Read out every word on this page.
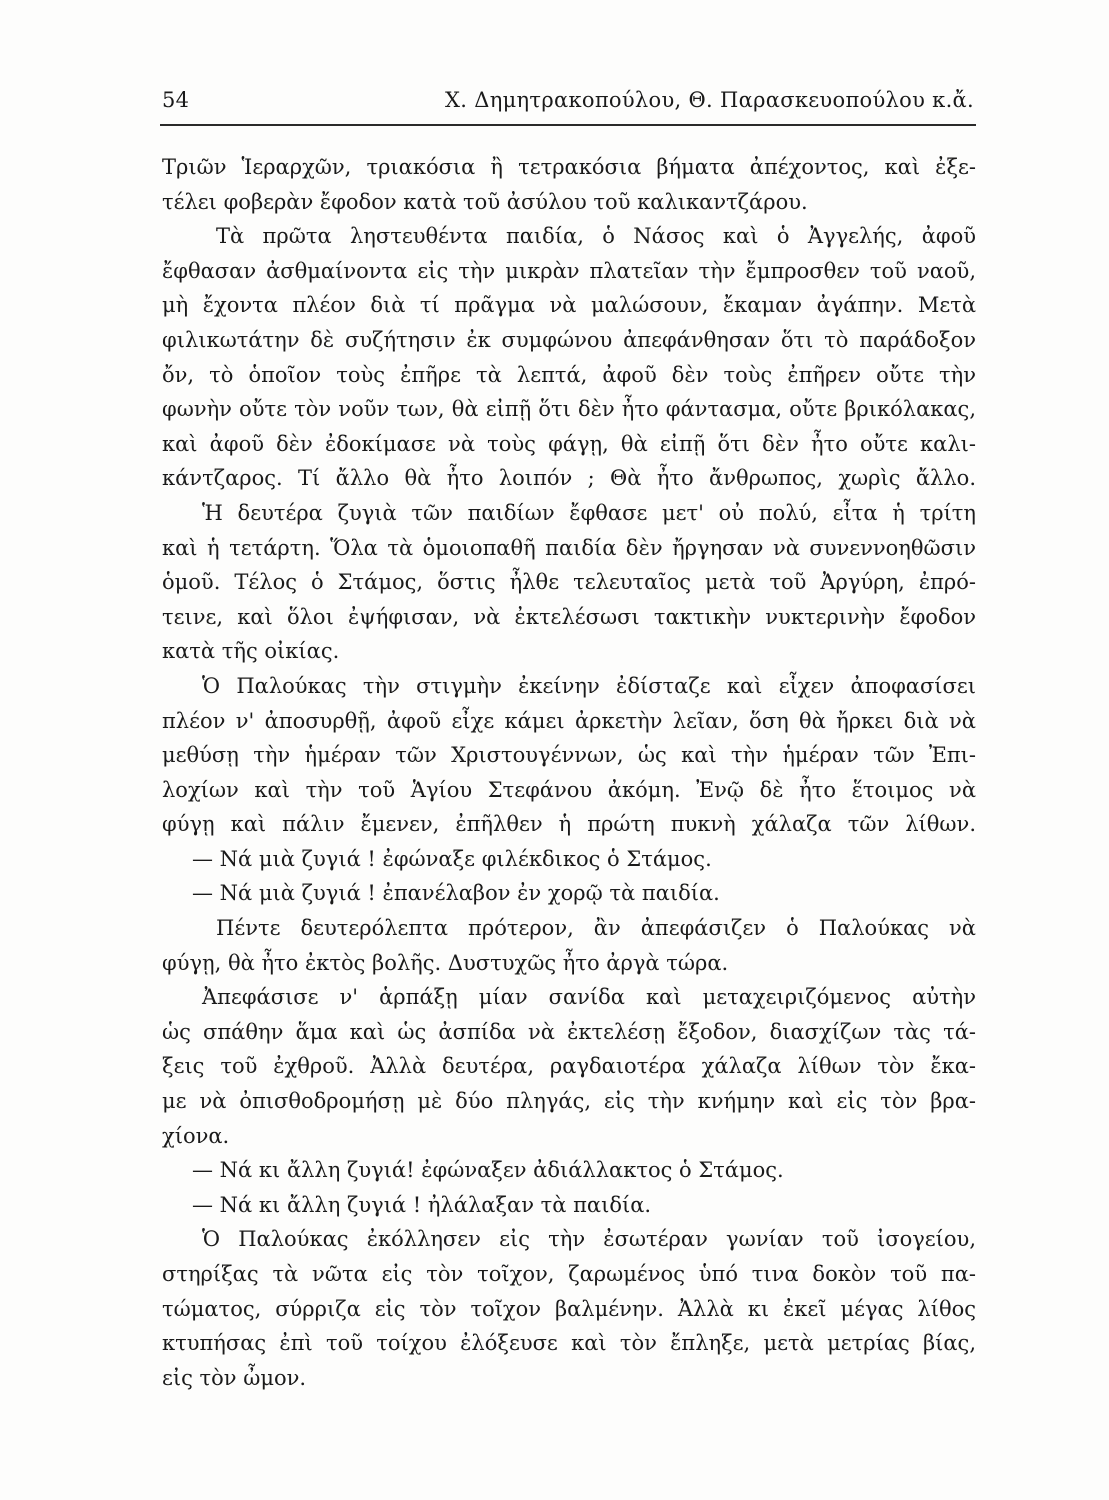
54	Χ. Δημητρακοπούλου, Θ. Παρασκευοπούλου κ.ἄ.
Τριῶν Ἱεραρχῶν, τριακόσια ἢ τετρακόσια βήματα ἀπέχοντος, καὶ ἐξε-
τέλει φοβερὰν ἔφοδον κατὰ τοῦ ἀσύλου τοῦ καλικαντζάρου.
Τὰ πρῶτα ληστευθέντα παιδία, ὁ Νάσος καὶ ὁ Ἀγγελής, ἀφοῦ
ἔφθασαν ἀσθμαίνοντα εἰς τὴν μικρὰν πλατεῖαν τὴν ἔμπροσθεν τοῦ ναοῦ,
μὴ ἔχοντα πλέον διὰ τί πρᾶγμα νὰ μαλώσουν, ἔκαμαν ἀγάπην. Μετὰ
φιλικωτάτην δὲ συζήτησιν ἐκ συμφώνου ἀπεφάνθησαν ὅτι τὸ παράδοξον
ὄν, τὸ ὁποῖον τοὺς ἐπῆρε τὰ λεπτά, ἀφοῦ δὲν τοὺς ἐπῆρεν οὔτε τὴν
φωνὴν οὔτε τὸν νοῦν των, θὰ εἰπῇ ὅτι δὲν ἦτο φάντασμα, οὔτε βρικόλακας,
καὶ ἀφοῦ δὲν ἐδοκίμασε νὰ τοὺς φάγῃ, θὰ εἰπῇ ὅτι δὲν ἦτο οὔτε καλι-
κάντζαρος. Τί ἄλλο θὰ ἦτο λοιπόν ; Θὰ ἦτο ἄνθρωπος, χωρὶς ἄλλο.
Ἡ δευτέρα ζυγιὰ τῶν παιδίων ἔφθασε μετ' οὐ πολύ, εἶτα ἡ τρίτη
καὶ ἡ τετάρτη. Ὅλα τὰ ὁμοιοπαθῆ παιδία δὲν ἤργησαν νὰ συνεννοηθῶσιν
ὁμοῦ. Τέλος ὁ Στάμος, ὅστις ἦλθε τελευταῖος μετὰ τοῦ Ἀργύρη, ἐπρό-
τεινε, καὶ ὅλοι ἐψήφισαν, νὰ ἐκτελέσωσι τακτικὴν νυκτερινὴν ἔφοδον
κατὰ τῆς οἰκίας.
Ὁ Παλούκας τὴν στιγμὴν ἐκείνην ἐδίσταζε καὶ εἶχεν ἀποφασίσει
πλέον ν' ἀποσυρθῇ, ἀφοῦ εἶχε κάμει ἀρκετὴν λεῖαν, ὅση θὰ ἤρκει διὰ νὰ
μεθύσῃ τὴν ἡμέραν τῶν Χριστουγέννων, ὡς καὶ τὴν ἡμέραν τῶν Ἐπι-
λοχίων καὶ τὴν τοῦ Ἁγίου Στεφάνου ἀκόμη. Ἐνῷ δὲ ἦτο ἕτοιμος νὰ
φύγῃ καὶ πάλιν ἔμενεν, ἐπῆλθεν ἡ πρώτη πυκνὴ χάλαζα τῶν λίθων.
— Νά μιὰ ζυγιά ! ἐφώναξε φιλέκδικος ὁ Στάμος.
— Νά μιὰ ζυγιά ! ἐπανέλαβον ἐν χορῷ τὰ παιδία.
Πέντε δευτερόλεπτα πρότερον, ἂν ἀπεφάσιζεν ὁ Παλούκας νὰ
φύγῃ, θὰ ἦτο ἐκτὸς βολῆς. Δυστυχῶς ἦτο ἀργὰ τώρα.
Ἀπεφάσισε ν' ἁρπάξῃ μίαν σανίδα καὶ μεταχειριζόμενος αὐτὴν
ὡς σπάθην ἅμα καὶ ὡς ἀσπίδα νὰ ἐκτελέσῃ ἔξοδον, διασχίζων τὰς τά-
ξεις τοῦ ἐχθροῦ. Ἀλλὰ δευτέρα, ραγδαιοτέρα χάλαζα λίθων τὸν ἔκα-
με νὰ ὀπισθοδρομήσῃ μὲ δύο πληγάς, εἰς τὴν κνήμην καὶ εἰς τὸν βρα-
χίονα.
— Νά κι ἄλλη ζυγιά! ἐφώναξεν ἀδιάλλακτος ὁ Στάμος.
— Νά κι ἄλλη ζυγιά ! ἠλάλαξαν τὰ παιδία.
Ὁ Παλούκας ἐκόλλησεν εἰς τὴν ἐσωτέραν γωνίαν τοῦ ἰσογείου,
στηρίξας τὰ νῶτα εἰς τὸν τοῖχον, ζαρωμένος ὑπό τινα δοκὸν τοῦ πα-
τώματος, σύρριζα εἰς τὸν τοῖχον βαλμένην. Ἀλλὰ κι ἐκεῖ μέγας λίθος
κτυπήσας ἐπὶ τοῦ τοίχου ἐλόξευσε καὶ τὸν ἔπληξε, μετὰ μετρίας βίας,
εἰς τὸν ὦμον.
